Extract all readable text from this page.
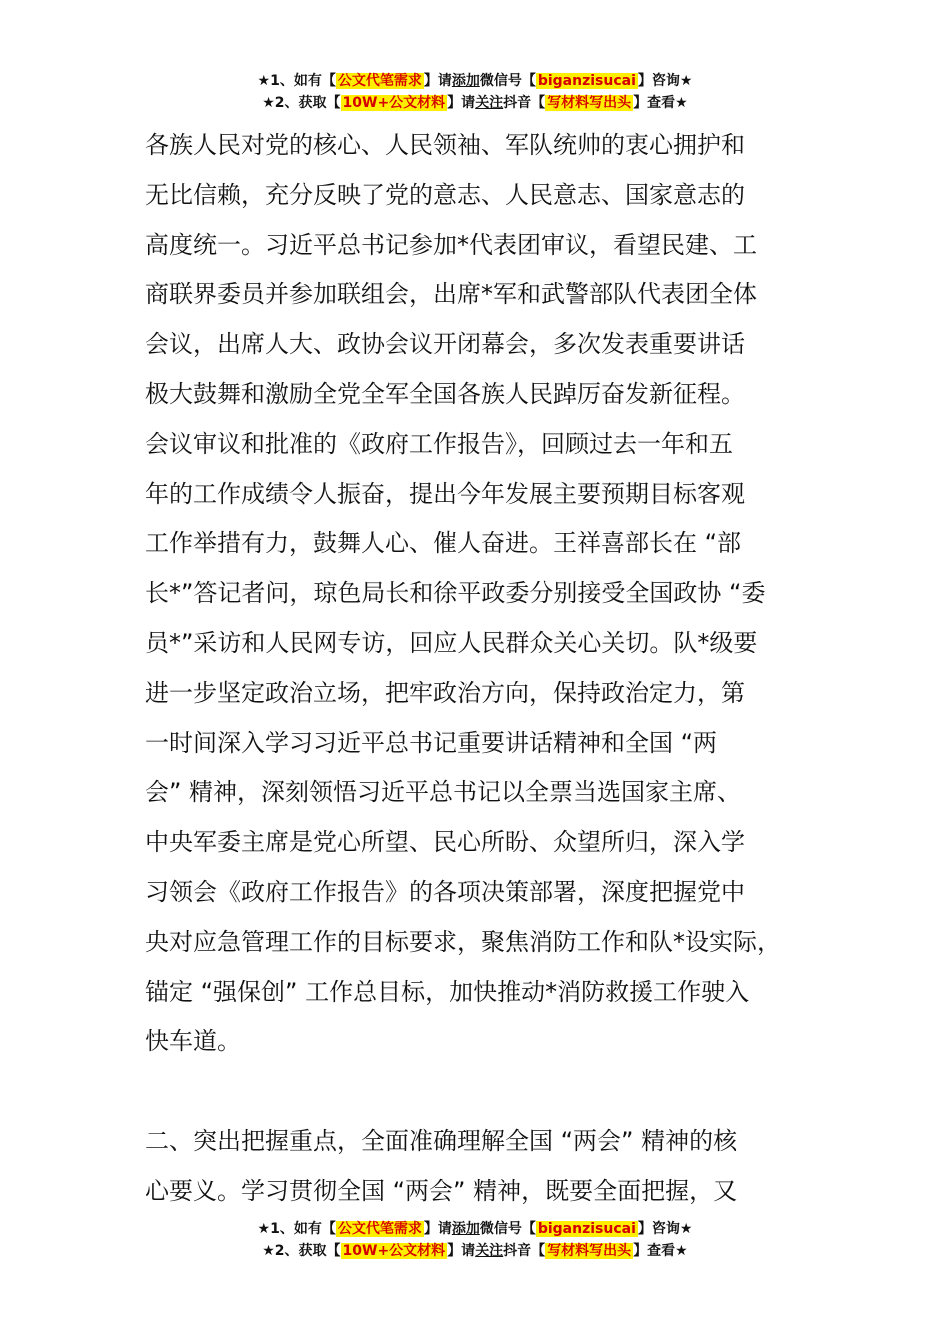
★1、如有【 公文代笔需求 】请添加微信号【 biganzisucai 】咨询★
★2、获取【 10W+公文材料 】请关注抖音【 写材料写出头 】查看★

各族人民对党的核心、人民领袖、军队统帅的衷心拥护和
无比信赖，充分反映了党的意志、人民意志、国家意志的
高度统一。习近平总书记参加*代表团审议，看望民建、工
商联界委员并参加联组会，出席*军和武警部队代表团全体
会议，出席人大、政协会议开闭幕会，多次发表重要讲话
极大鼓舞和激励全党全军全国各族人民踔厉奋发新征程。
会议审议和批准的《政府工作报告》，回顾过去一年和五
年的工作成绩令人振奋，提出今年发展主要预期目标客观
工作举措有力，鼓舞人心、催人奋进。王祥喜部长在 “部
长*”答记者问，琼色局长和徐平政委分别接受全国政协 “委
员*”采访和人民网专访，回应人民群众关心关切。队*级要
进一步坚定政治立场，把牢政治方向，保持政治定力，第
一时间深入学习习近平总书记重要讲话精神和全国 “两
会” 精神，深刻领悟习近平总书记以全票当选国家主席、
中央军委主席是党心所望、民心所盼、众望所归，深入学
习领会《政府工作报告》的各项决策部署，深度把握党中
央对应急管理工作的目标要求，聚焦消防工作和队*设实际，
锚定 “强保创” 工作总目标，加快推动*消防救援工作驶入
快车道。

二、突出把握重点，全面准确理解全国 “两会” 精神的核
心要义。学习贯彻全国 “两会” 精神，既要全面把握，又

★1、如有【 公文代笔需求 】请添加微信号【 biganzisucai 】咨询★
★2、获取【 10W+公文材料 】请关注抖音【 写材料写出头 】查看★
